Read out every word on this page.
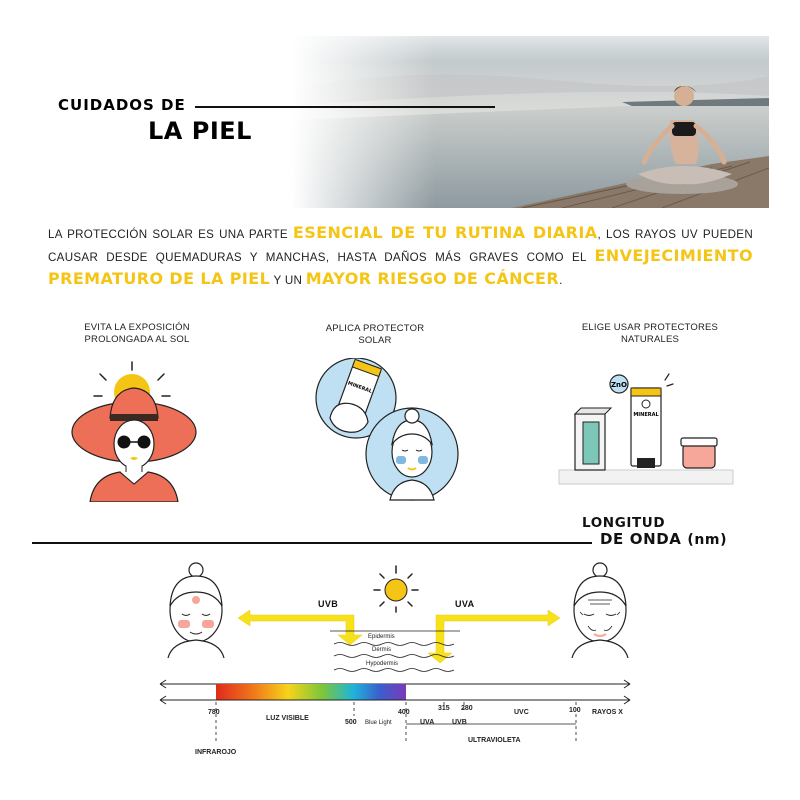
CUIDADOS DE
LA PIEL
LA PROTECCIÓN SOLAR ES UNA PARTE ESENCIAL DE TU RUTINA DIARIA, LOS RAYOS UV PUEDEN CAUSAR DESDE QUEMADURAS Y MANCHAS, HASTA DAÑOS MÁS GRAVES COMO EL ENVEJECIMIENTO PREMATURO DE LA PIEL Y UN MAYOR RIESGO DE CÁNCER.
EVITA LA EXPOSICIÓN
PROLONGADA AL SOL
APLICA PROTECTOR
SOLAR
ELIGE USAR PROTECTORES
NATURALES
MINERAL
MINERAL
ZnO
LONGITUD
DE ONDA (nm)
UVB	UVA
Epidermis
Dermis
Hypodermis
780
LUZ VISIBLE
500 Blue Light
400
315 280
UVA	UVB
UVC	100 RAYOS X
ULTRAVIOLETA
INFRAROJO
